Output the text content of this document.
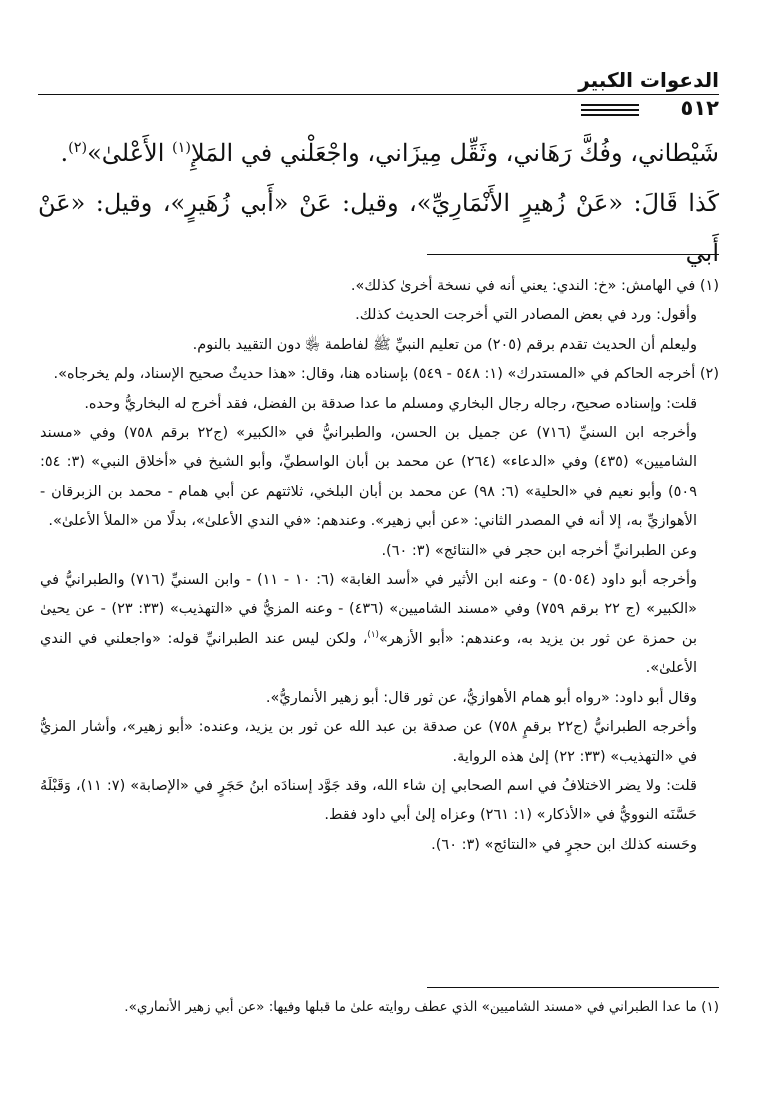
الدعوات الكبير
٥١٢

شَيْطاني، وفُكَّ رَهَاني، وثَقِّل مِيزَاني، واجْعَلْني في المَلإِ$^{(١)}$ الأَعْلىٰ»$^{(٢)}$.

كَذا قَالَ: «عَنْ زُهيرٍ الأَنْمَارِيِّ»، وقيل: عَنْ «أَبي زُهَيرٍ»، وقيل: «عَنْ أَبي

(١) في الهامش: «خ: الندي: يعني أنه في نسخة أخرىٰ كذلك».

وأقول: ورد في بعض المصادر التي أخرجت الحديث كذلك.

وليعلم أن الحديث تقدم برقم (٢٠٥) من تعليم النبيِّ ﷺ لفاطمة ﵂ دون التقييد بالنوم.

(٢) أخرجه الحاكم في «المستدرك» (١: ٥٤٨ - ٥٤٩) بإسناده هنا، وقال: «هذا حديثٌ صحيح الإسناد، ولم يخرجاه».

قلت: وإسناده صحيح، رجاله رجال البخاري ومسلم ما عدا صدقة بن الفضل، فقد أخرج له البخاريُّ وحده.

وأخرجه ابن السنيِّ (٧١٦) عن جميل بن الحسن، والطبرانيُّ في «الكبير» (ج٢٢ برقم ٧٥٨) وفي «مسند الشاميين» (٤٣٥) وفي «الدعاء» (٢٦٤) عن محمد بن أبان الواسطيِّ، وأبو الشيخ في «أخلاق النبي» (٣: ٥٤: ٥٠٩) وأبو نعيم في «الحلية» (٦: ٩٨) عن محمد بن أبان البلخي، ثلاثتهم عن أبي همام - محمد بن الزبرقان - الأهوازيِّ به، إلا أنه في المصدر الثاني: «عن أبي زهير». وعندهم: «في الندي الأعلىٰ»، بدلًا من «الملأ الأعلىٰ».

وعن الطبرانيِّ أخرجه ابن حجر في «النتائج» (٣: ٦٠).

وأخرجه أبو داود (٥٠٥٤) - وعنه ابن الأثير في «أسد الغابة» (٦: ١٠ - ١١) - وابن السنيِّ (٧١٦) والطبرانيُّ في «الكبير» (ج ٢٢ برقم ٧٥٩) وفي «مسند الشاميين» (٤٣٦) - وعنه المزيُّ في «التهذيب» (٣٣: ٢٣) - عن يحيىٰ بن حمزة عن ثور بن يزيد به، وعندهم: «أبو الأزهر»$^{(١)}$، ولكن ليس عند الطبرانيِّ قوله: «واجعلني في الندي الأعلىٰ».

وقال أبو داود: «رواه أبو همام الأهوازيُّ، عن ثور قال: أبو زهير الأنماريُّ».

وأخرجه الطبرانيُّ (ج٢٢ برقمٍ ٧٥٨) عن صدقة بن عبد الله عن ثور بن يزيد، وعنده: «أبو زهير»، وأشار المزيُّ في «التهذيب» (٣٣: ٢٢) إلىٰ هذه الرواية.

قلت: ولا يضر الاختلافُ في اسم الصحابي إن شاء الله، وقد جَوَّد إسنادَه ابنُ حَجَرٍ في «الإصابة» (٧: ١١)، وَقَبْلَهُ حَسَّنَه النوويُّ في «الأذكار» (١: ٢٦١) وعزاه إلىٰ أبي داود فقط.

وحَسنه كذلك ابن حجرٍ في «النتائج» (٣: ٦٠).

(١) ما عدا الطبراني في «مسند الشاميين» الذي عطف روايته علىٰ ما قبلها وفيها: «عن أبي زهير الأنماري».
